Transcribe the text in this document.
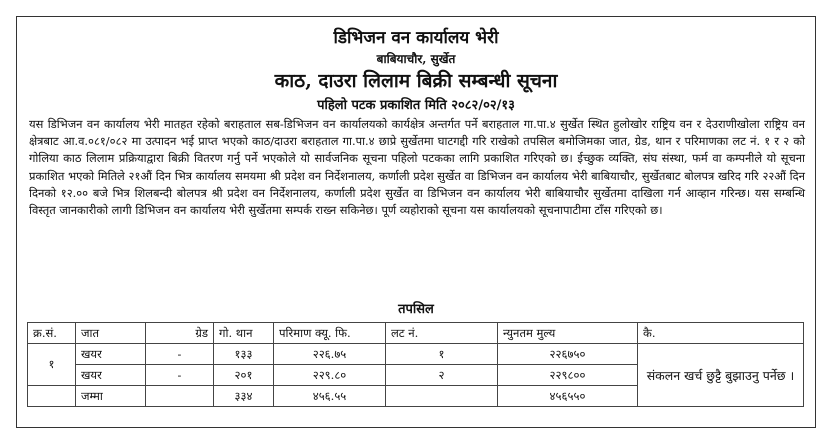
डिभिजन वन कार्यालय भेरी
बाबियाचौर, सुर्खेत
काठ, दाउरा लिलाम बिक्री सम्बन्धी सूचना
पहिलो पटक प्रकाशित मिति २०८२/०२/१३

यस डिभिजन वन कार्यालय भेरी मातहत रहेको बराहताल सब-डिभिजन वन कार्यालयको कार्यक्षेत्र अन्तर्गत पर्ने बराहताल गा.पा.४ सुर्खेत स्थित हुलोखोर राष्ट्रिय वन र देउराणीखोला राष्ट्रिय वन क्षेत्रबाट आ.व.०८१/०८२ मा उत्पादन भई प्राप्त भएको काठ/दाउरा बराहताल गा.पा.४ छाप्रे सुर्खेतमा घाटगद्दी गरि राखेको तपसिल बमोजिमका जात, ग्रेड, थान र परिमाणका लट नं. १ र २ को गोलिया काठ लिलाम प्रक्रियाद्वारा बिक्री वितरण गर्नु पर्ने भएकोले यो सार्वजनिक सूचना पहिलो पटकका लागि प्रकाशित गरिएको छ। ईच्छुक व्यक्ति, संघ संस्था, फर्म वा कम्पनीले यो सूचना प्रकाशित भएको मितिले २१औं दिन भित्र कार्यालय समयमा श्री प्रदेश वन निर्देशनालय, कर्णाली प्रदेश सुर्खेत वा डिभिजन वन कार्यालय भेरी बाबियाचौर, सुर्खेतबाट बोलपत्र खरिद गरि २२औं दिन दिनको १२.०० बजे भित्र शिलबन्दी बोलपत्र श्री प्रदेश वन निर्देशनालय, कर्णाली प्रदेश सुर्खेत वा डिभिजन वन कार्यालय भेरी बाबियाचौर सुर्खेतमा दाखिला गर्न आव्हान गरिन्छ। यस सम्बन्धि विस्तृत जानकारीको लागी डिभिजन वन कार्यालय भेरी सुर्खेतमा सम्पर्क राख्न सकिनेछ। पूर्ण व्यहोराको सूचना यस कार्यालयको सूचनापाटीमा टाँस गरिएको छ।

तपसिल
क्र.सं.	जात	ग्रेड	गो. थान	परिमाण क्यू. फि.	लट नं.	न्युनतम मुल्य	कै.
१	खयर	-	१३३	२२६.७५	१	२२६७५०	संकलन खर्च छुट्टै बुझाउनु पर्नेछ ।
	खयर	-	२०१	२२९.८०	२	२२९८००	
	जम्मा		३३४	४५६.५५		४५६५५०	
